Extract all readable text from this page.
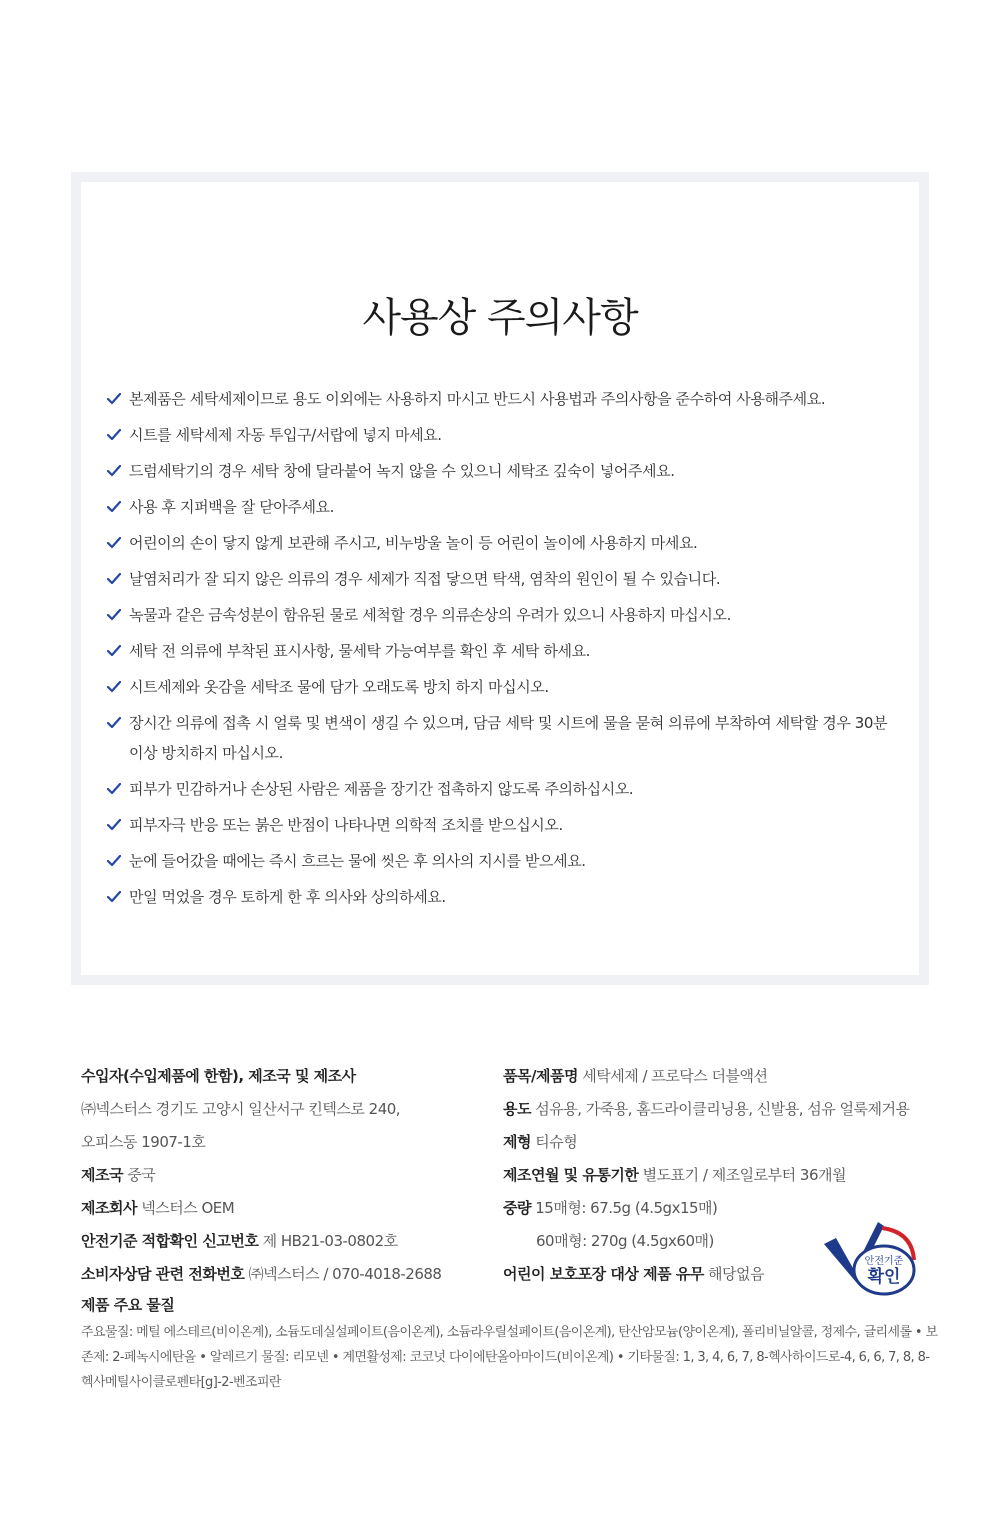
사용상 주의사항
본제품은 세탁세제이므로 용도 이외에는 사용하지 마시고 반드시 사용법과 주의사항을 준수하여 사용해주세요.
시트를 세탁세제 자동 투입구/서랍에 넣지 마세요.
드럼세탁기의 경우 세탁 창에 달라붙어 녹지 않을 수 있으니 세탁조 깊숙이 넣어주세요.
사용 후 지퍼백을 잘 닫아주세요.
어린이의 손이 닿지 않게 보관해 주시고, 비누방울 놀이 등 어린이 놀이에 사용하지 마세요.
날염처리가 잘 되지 않은 의류의 경우 세제가 직접 닿으면 탁색, 염착의 원인이 될 수 있습니다.
녹물과 같은 금속성분이 함유된 물로 세척할 경우 의류손상의 우려가 있으니 사용하지 마십시오.
세탁 전 의류에 부착된 표시사항, 물세탁 가능여부를 확인 후 세탁 하세요.
시트세제와 옷감을 세탁조 물에 담가 오래도록 방치 하지 마십시오.
장시간 의류에 접촉 시 얼룩 및 변색이 생길 수 있으며, 담금 세탁 및 시트에 물을 묻혀 의류에 부착하여 세탁할 경우 30분 이상 방치하지 마십시오.
피부가 민감하거나 손상된 사람은 제품을 장기간 접촉하지 않도록 주의하십시오.
피부자극 반응 또는 붉은 반점이 나타나면 의학적 조치를 받으십시오.
눈에 들어갔을 때에는 즉시 흐르는 물에 씻은 후 의사의 지시를 받으세요.
만일 먹었을 경우 토하게 한 후 의사와 상의하세요.
수입자(수입제품에 한함), 제조국 및 제조사
㈜넥스터스 경기도 고양시 일산서구 킨텍스로 240,
오피스동 1907-1호
제조국 중국
제조회사 넥스터스 OEM
안전기준 적합확인 신고번호 제 HB21-03-0802호
소비자상담 관련 전화번호 ㈜넥스터스 / 070-4018-2688
품목/제품명 세탁세제 / 프로닥스 더블액션
용도 섬유용, 가죽용, 홈드라이클리닝용, 신발용, 섬유 얼룩제거용
제형 티슈형
제조연월 및 유통기한 별도표기 / 제조일로부터 36개월
중량 15매형: 67.5g (4.5gx15매)
60매형: 270g (4.5gx60매)
어린이 보호포장 대상 제품 유무 해당없음
안전기준
확인
제품 주요 물질
주요물질: 메틸 에스테르(비이온계), 소듐도데실설페이트(음이온계), 소듐라우릴설페이트(음이온계), 탄산암모늄(양이온계), 폴리비닐알콜, 정제수, 글리세롤 • 보존제: 2-페녹시에탄올 • 알레르기 물질: 리모넨 • 계면활성제: 코코넛 다이에탄올아마이드(비이온계) • 기타물질: 1, 3, 4, 6, 7, 8-헥사하이드로-4, 6, 6, 7, 8, 8-헥사메틸사이클로펜타[g]-2-벤조피란
